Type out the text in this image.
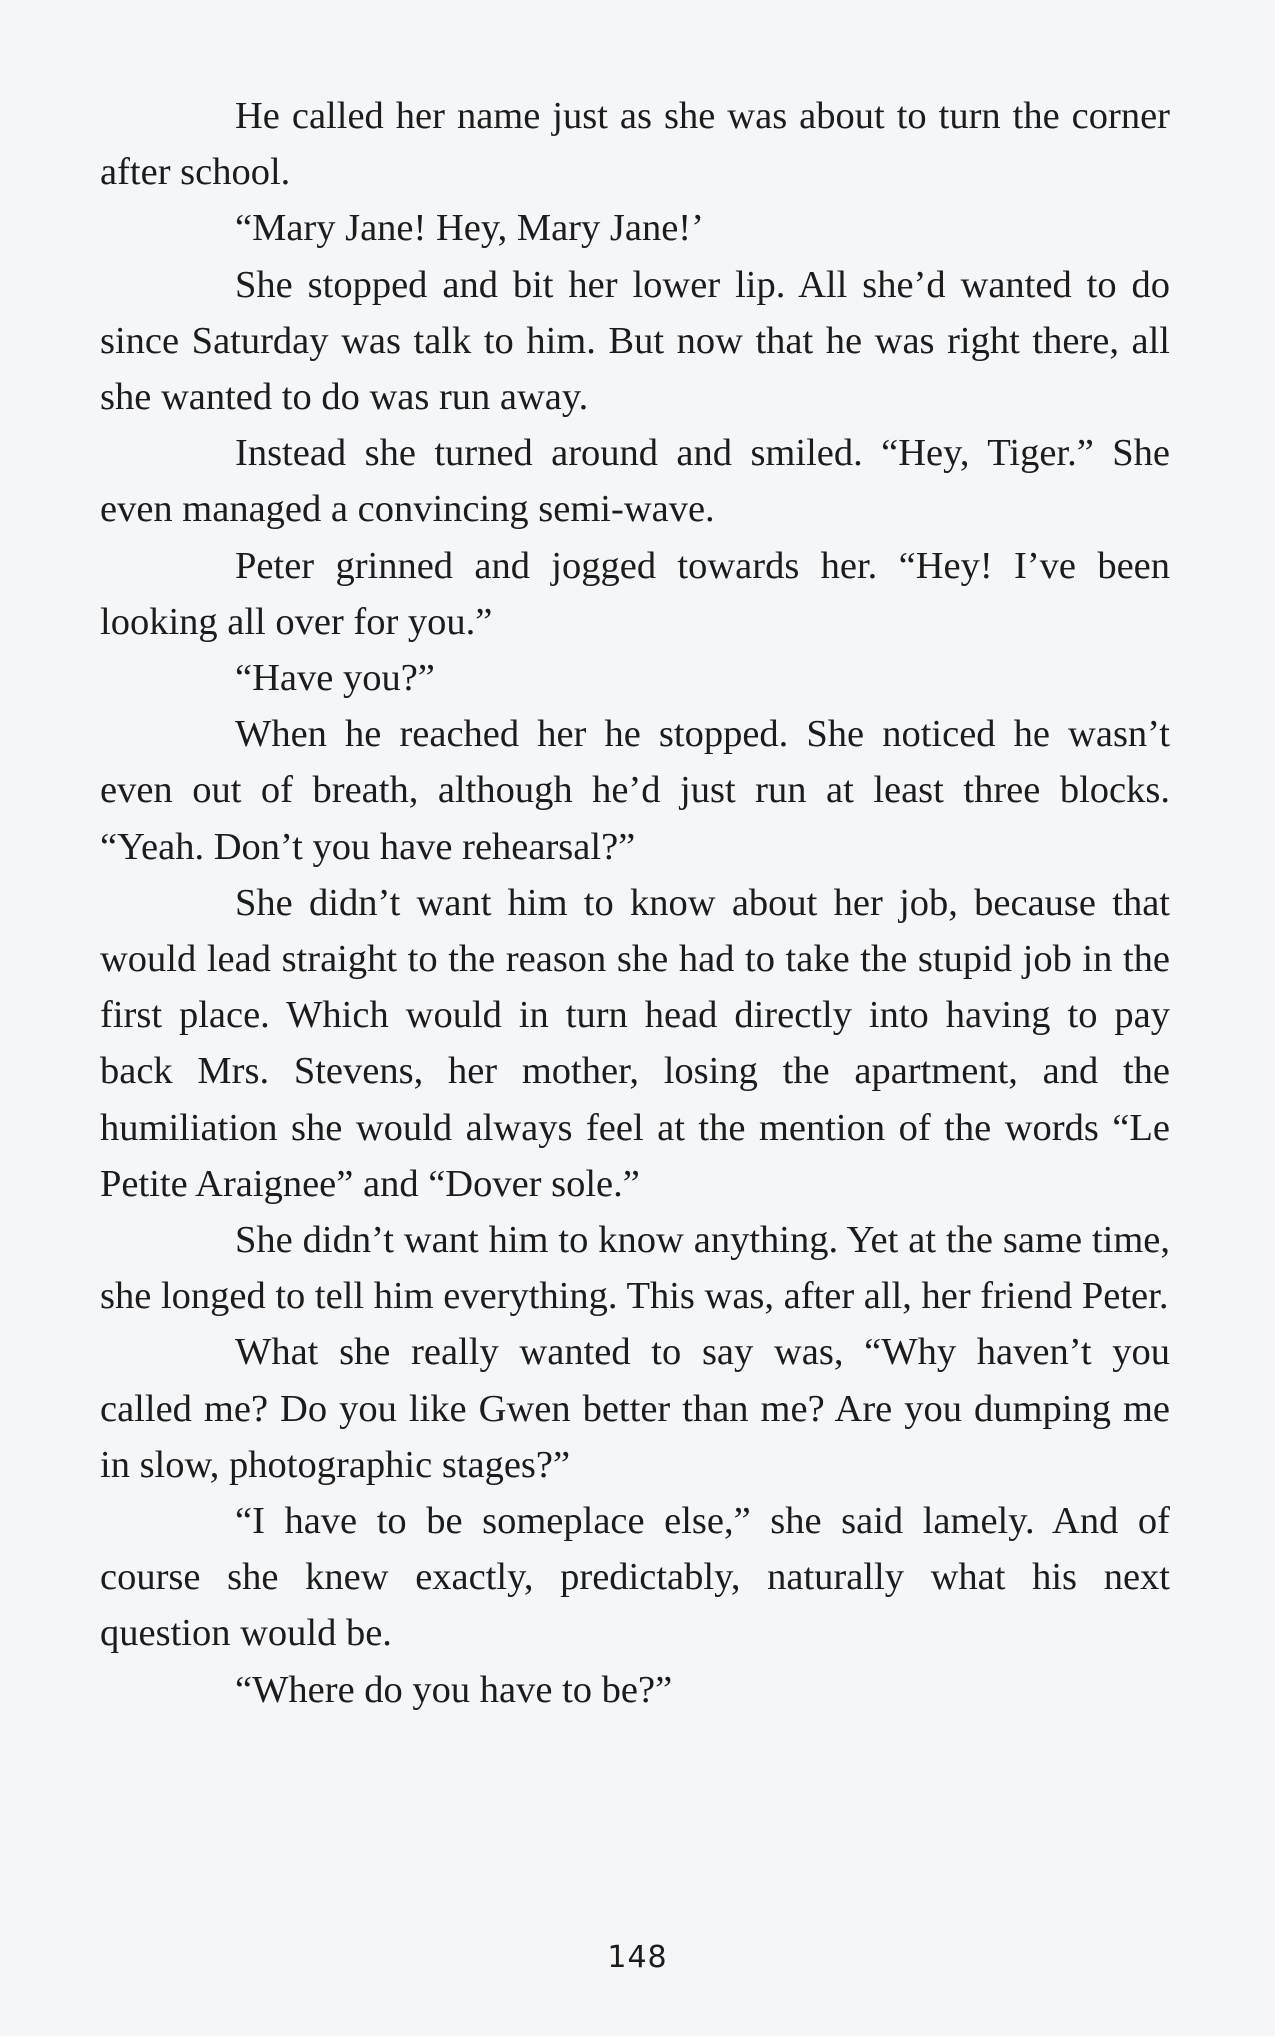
He called her name just as she was about to turn the corner after school.

“Mary Jane! Hey, Mary Jane!’

She stopped and bit her lower lip. All she’d wanted to do since Saturday was talk to him. But now that he was right there, all she wanted to do was run away.

Instead she turned around and smiled. “Hey, Tiger.” She even managed a convincing semi-wave.

Peter grinned and jogged towards her. “Hey! I’ve been looking all over for you.”

“Have you?”

When he reached her he stopped. She noticed he wasn’t even out of breath, although he’d just run at least three blocks. “Yeah. Don’t you have rehearsal?”

She didn’t want him to know about her job, because that would lead straight to the reason she had to take the stupid job in the first place. Which would in turn head directly into having to pay back Mrs. Stevens, her mother, losing the apartment, and the humiliation she would always feel at the mention of the words “Le Petite Araignee” and “Dover sole.”

She didn’t want him to know anything. Yet at the same time, she longed to tell him everything. This was, after all, her friend Peter.

What she really wanted to say was, “Why haven’t you called me? Do you like Gwen better than me? Are you dumping me in slow, photographic stages?”

“I have to be someplace else,” she said lamely. And of course she knew exactly, predictably, naturally what his next question would be.

“Where do you have to be?”

148
